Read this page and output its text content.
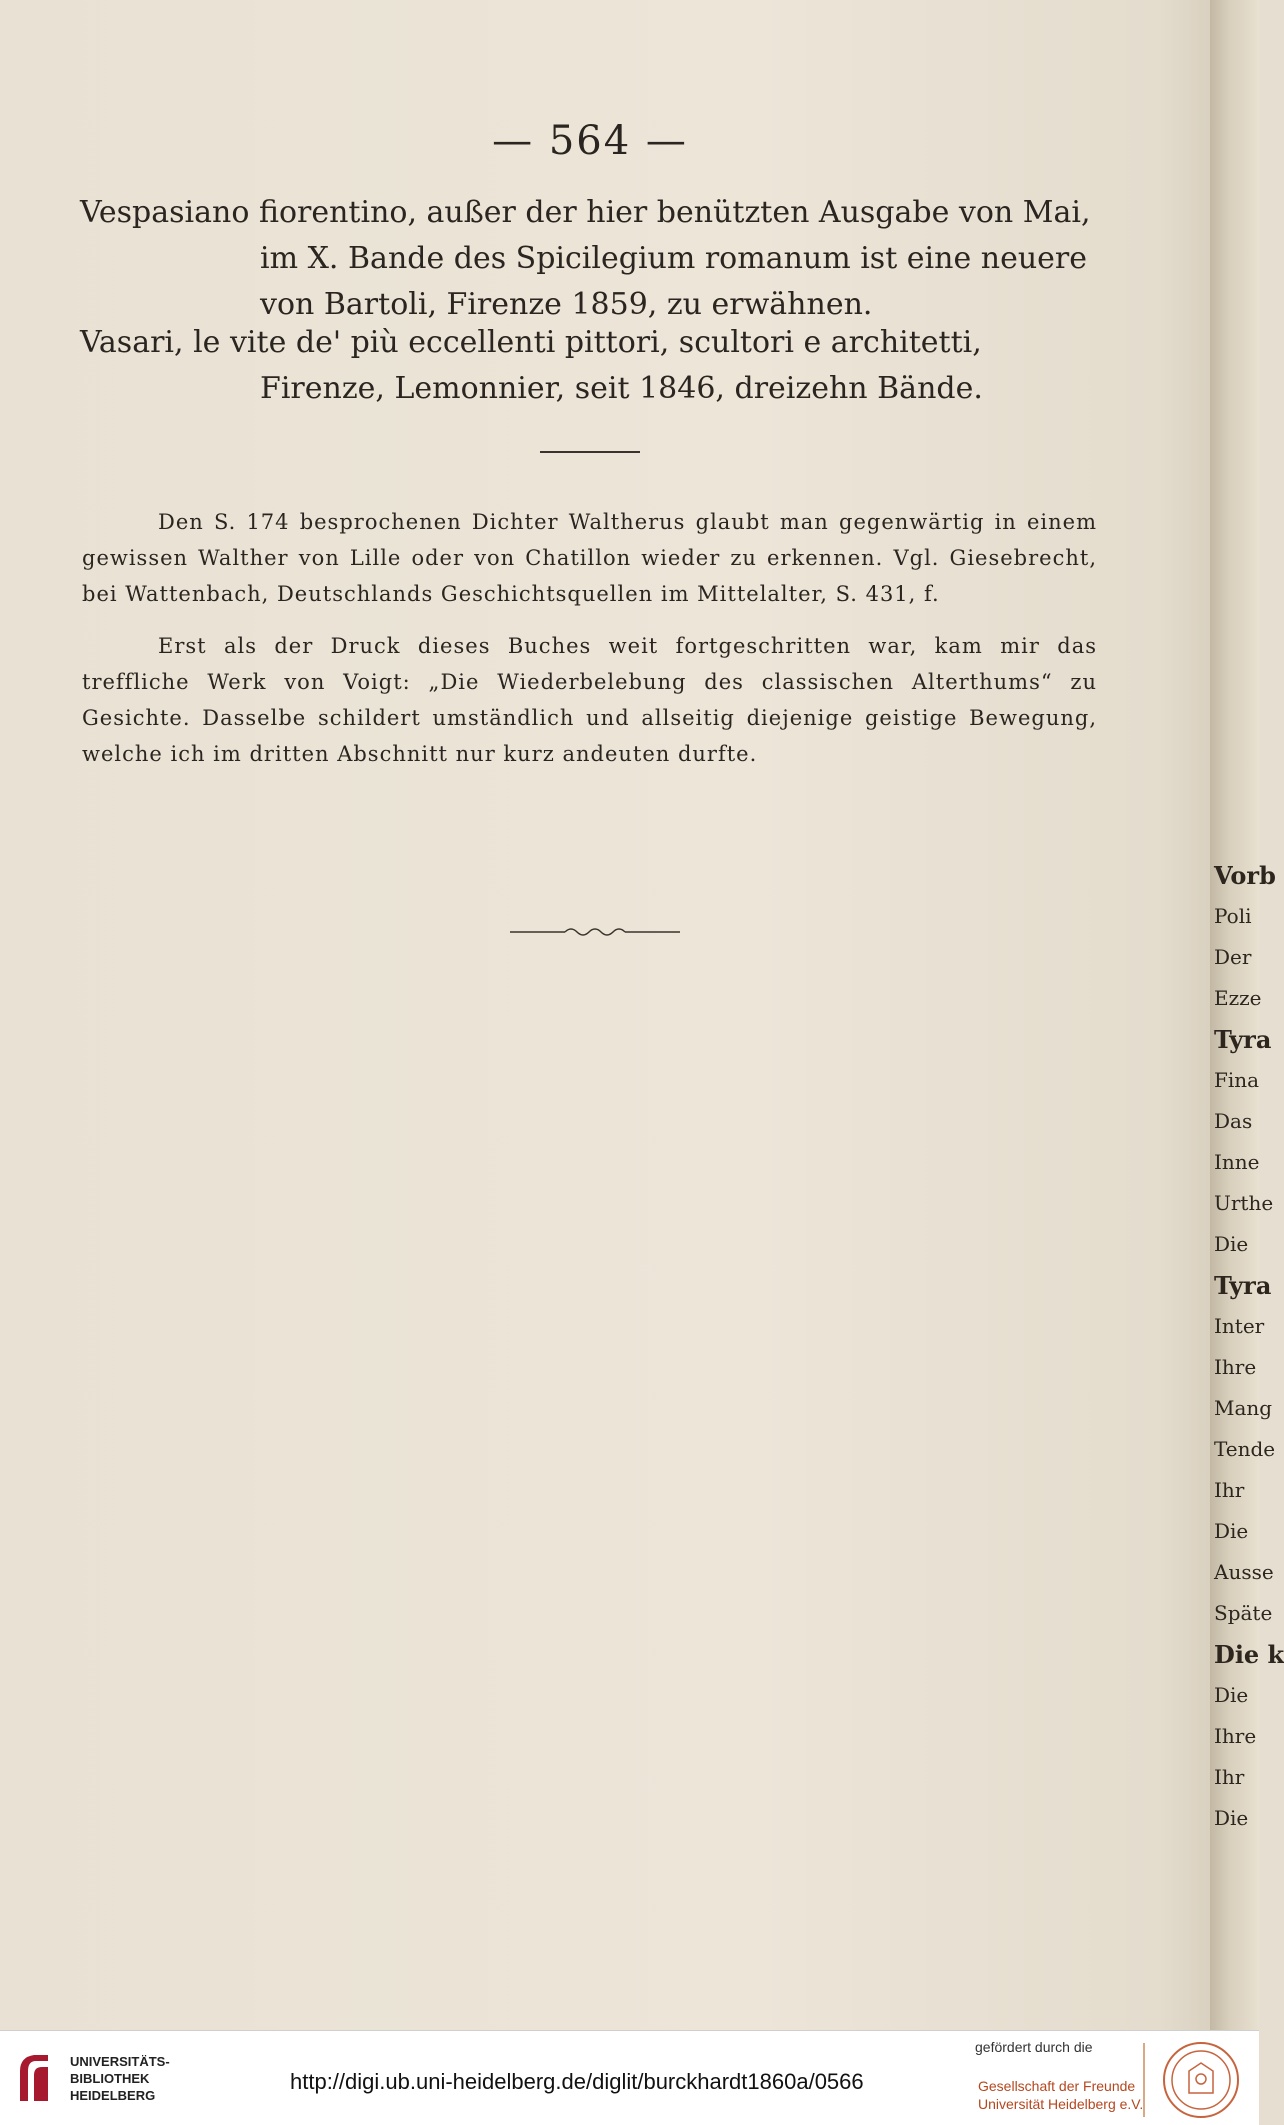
— 564 —

Vespasiano fiorentino, außer der hier benützten Ausgabe von Mai, im X. Bande des Spicilegium romanum ist eine neuere von Bartoli, Firenze 1859, zu erwähnen.

Vasari, le vite de' più eccellenti pittori, scultori e architetti, Firenze, Lemonnier, seit 1846, dreizehn Bände.

Den S. 174 besprochenen Dichter Waltherus glaubt man gegenwärtig in einem gewissen Walther von Lille oder von Chatillon wieder zu erkennen. Vgl. Giesebrecht, bei Wattenbach, Deutschlands Geschichtsquellen im Mittelalter, S. 431, f.

Erst als der Druck dieses Buches weit fortgeschritten war, kam mir das treffliche Werk von Voigt: „Die Wiederbelebung des classischen Alterthums“ zu Gesichte. Dasselbe schildert umständlich und allseitig diejenige geistige Bewegung, welche ich im dritten Abschnitt nur kurz andeuten durfte.

Vorb
Poli
Der
Ezze
Tyra
Fina
Das
Inne
Urthe
Die
Tyra
Inter
Ihre
Mang
Tende
Ihr
Die
Ausse
Späte
Die k
Die
Ihre
Ihr
Die
UNIVERSITÄTS-
BIBLIOTHEK
HEIDELBERG
http://digi.ub.uni-heidelberg.de/diglit/burckhardt1860a/0566
gefördert durch die
Gesellschaft der Freunde
Universität Heidelberg e.V.
